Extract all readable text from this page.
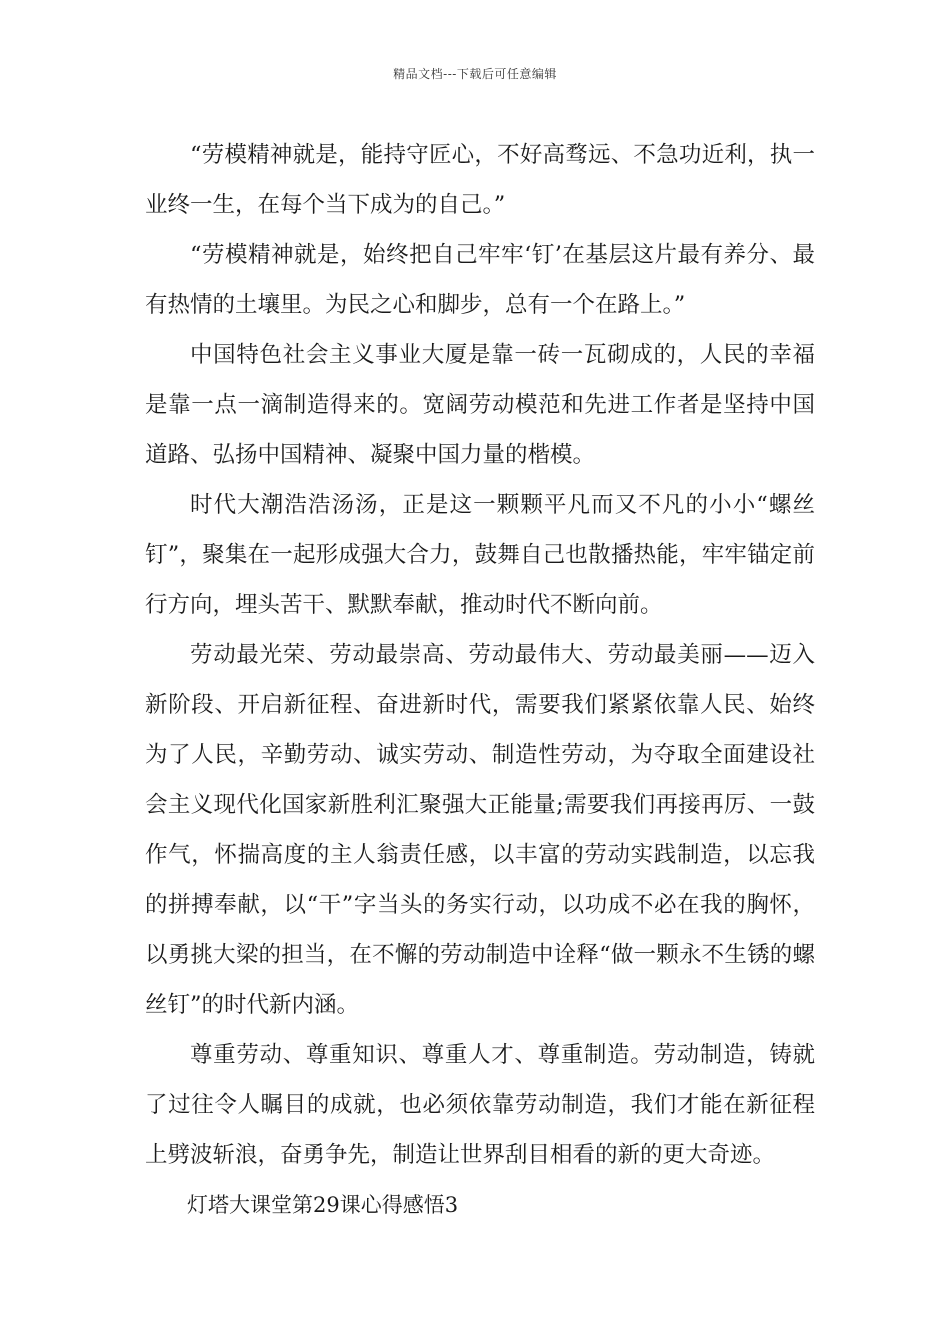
精品文档---下载后可任意编辑

“劳模精神就是，能持守匠心，不好高骛远、不急功近利，执一业终一生，在每个当下成为的自己。”

“劳模精神就是，始终把自己牢牢‘钉’在基层这片最有养分、最有热情的土壤里。为民之心和脚步，总有一个在路上。”

中国特色社会主义事业大厦是靠一砖一瓦砌成的，人民的幸福是靠一点一滴制造得来的。宽阔劳动模范和先进工作者是坚持中国道路、弘扬中国精神、凝聚中国力量的楷模。

时代大潮浩浩汤汤，正是这一颗颗平凡而又不凡的小小“螺丝钉”，聚集在一起形成强大合力，鼓舞自己也散播热能，牢牢锚定前行方向，埋头苦干、默默奉献，推动时代不断向前。

劳动最光荣、劳动最崇高、劳动最伟大、劳动最美丽——迈入新阶段、开启新征程、奋进新时代，需要我们紧紧依靠人民、始终为了人民，辛勤劳动、诚实劳动、制造性劳动，为夺取全面建设社会主义现代化国家新胜利汇聚强大正能量;需要我们再接再厉、一鼓作气，怀揣高度的主人翁责任感，以丰富的劳动实践制造，以忘我的拼搏奉献，以“干”字当头的务实行动，以功成不必在我的胸怀，以勇挑大梁的担当，在不懈的劳动制造中诠释“做一颗永不生锈的螺丝钉”的时代新内涵。

尊重劳动、尊重知识、尊重人才、尊重制造。劳动制造，铸就了过往令人瞩目的成就，也必须依靠劳动制造，我们才能在新征程上劈波斩浪，奋勇争先，制造让世界刮目相看的新的更大奇迹。

灯塔大课堂第29课心得感悟3
